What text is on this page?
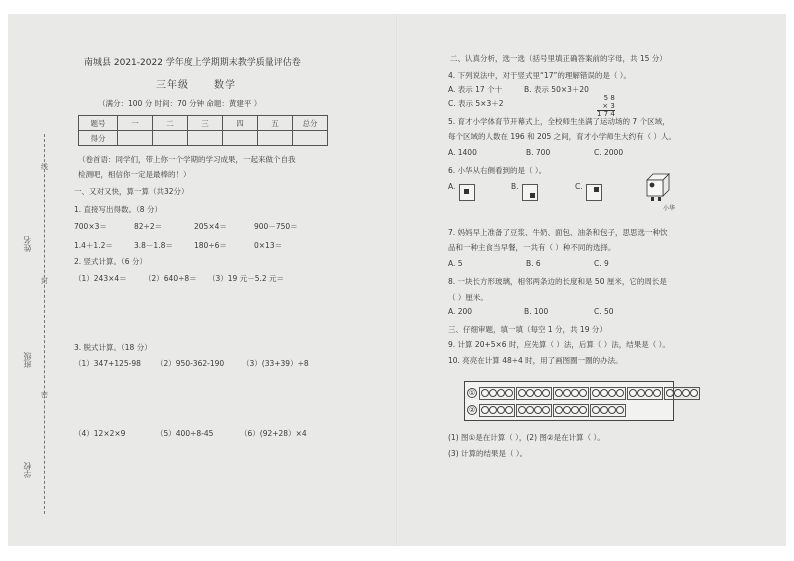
姓名
班级
学校
线
封
密
南城县 2021-2022 学年度上学期期末教学质量评估卷
三年级	数学
（满分：100 分 时间：70 分钟 命题：黄建平 ）
题号	一	二	三	四	五	总分
得分						
（卷首语：同学们，带上你一个学期的学习成果，一起来做个自我
检测吧，相信你一定是最棒的！）
一、又对又快，算一算（共32分）
1. 直接写出得数。（8 分）
700×3＝	82÷2＝	205×4＝	900－750＝
1.4＋1.2＝	3.8－1.8＝	180÷6＝	0×13＝
2. 竖式计算。（6 分）
（1）243×4＝ （2）640÷8＝ （3）19 元－5.2 元＝
3. 脱式计算。（18 分）
（1）347+125-98 （2）950-362-190 （3）(33+39）÷8
（4）12×2×9	（5）400÷8-45	（6）(92+28）×4
二、认真分析，选一选（括号里填正确答案前的字母，共 15 分）
4. 下列说法中，对于竖式里“17”的理解错误的是（ ）。
A. 表示 17 个十	B. 表示 50×3＋20
C. 表示 5×3＋2
5 8
× 3
1 7 4
5. 育才小学体育节开幕式上，全校师生坐满了运动场的 7 个区域，
每个区域的人数在 196 和 205 之间，育才小学师生大约有（ ）人。
A. 1400	B. 700	C. 2000
6. 小华从右侧看到的是（ ）。
A.	B.	C.
小华
7. 妈妈早上准备了豆浆、牛奶、面包、油条和包子，思思选一种饮
品和一种主食当早餐，一共有（ ）种不同的选择。
A. 5	B. 6	C. 9
8. 一块长方形玻璃，相邻两条边的长度和是 50 厘米，它的周长是
（ ）厘米。
A. 200	B. 100	C. 50
三、仔细审题，填一填（每空 1 分，共 19 分）
9. 计算 20+5×6 时，应先算（ ）法，后算（ ）法，结果是（ ）。
10. 亮亮在计算 48÷4 时，用了画图圈一圈的办法。
①
②
(1) 图①是在计算（ ），(2) 图②是在计算（ ）。
(3) 计算的结果是（ ）。
